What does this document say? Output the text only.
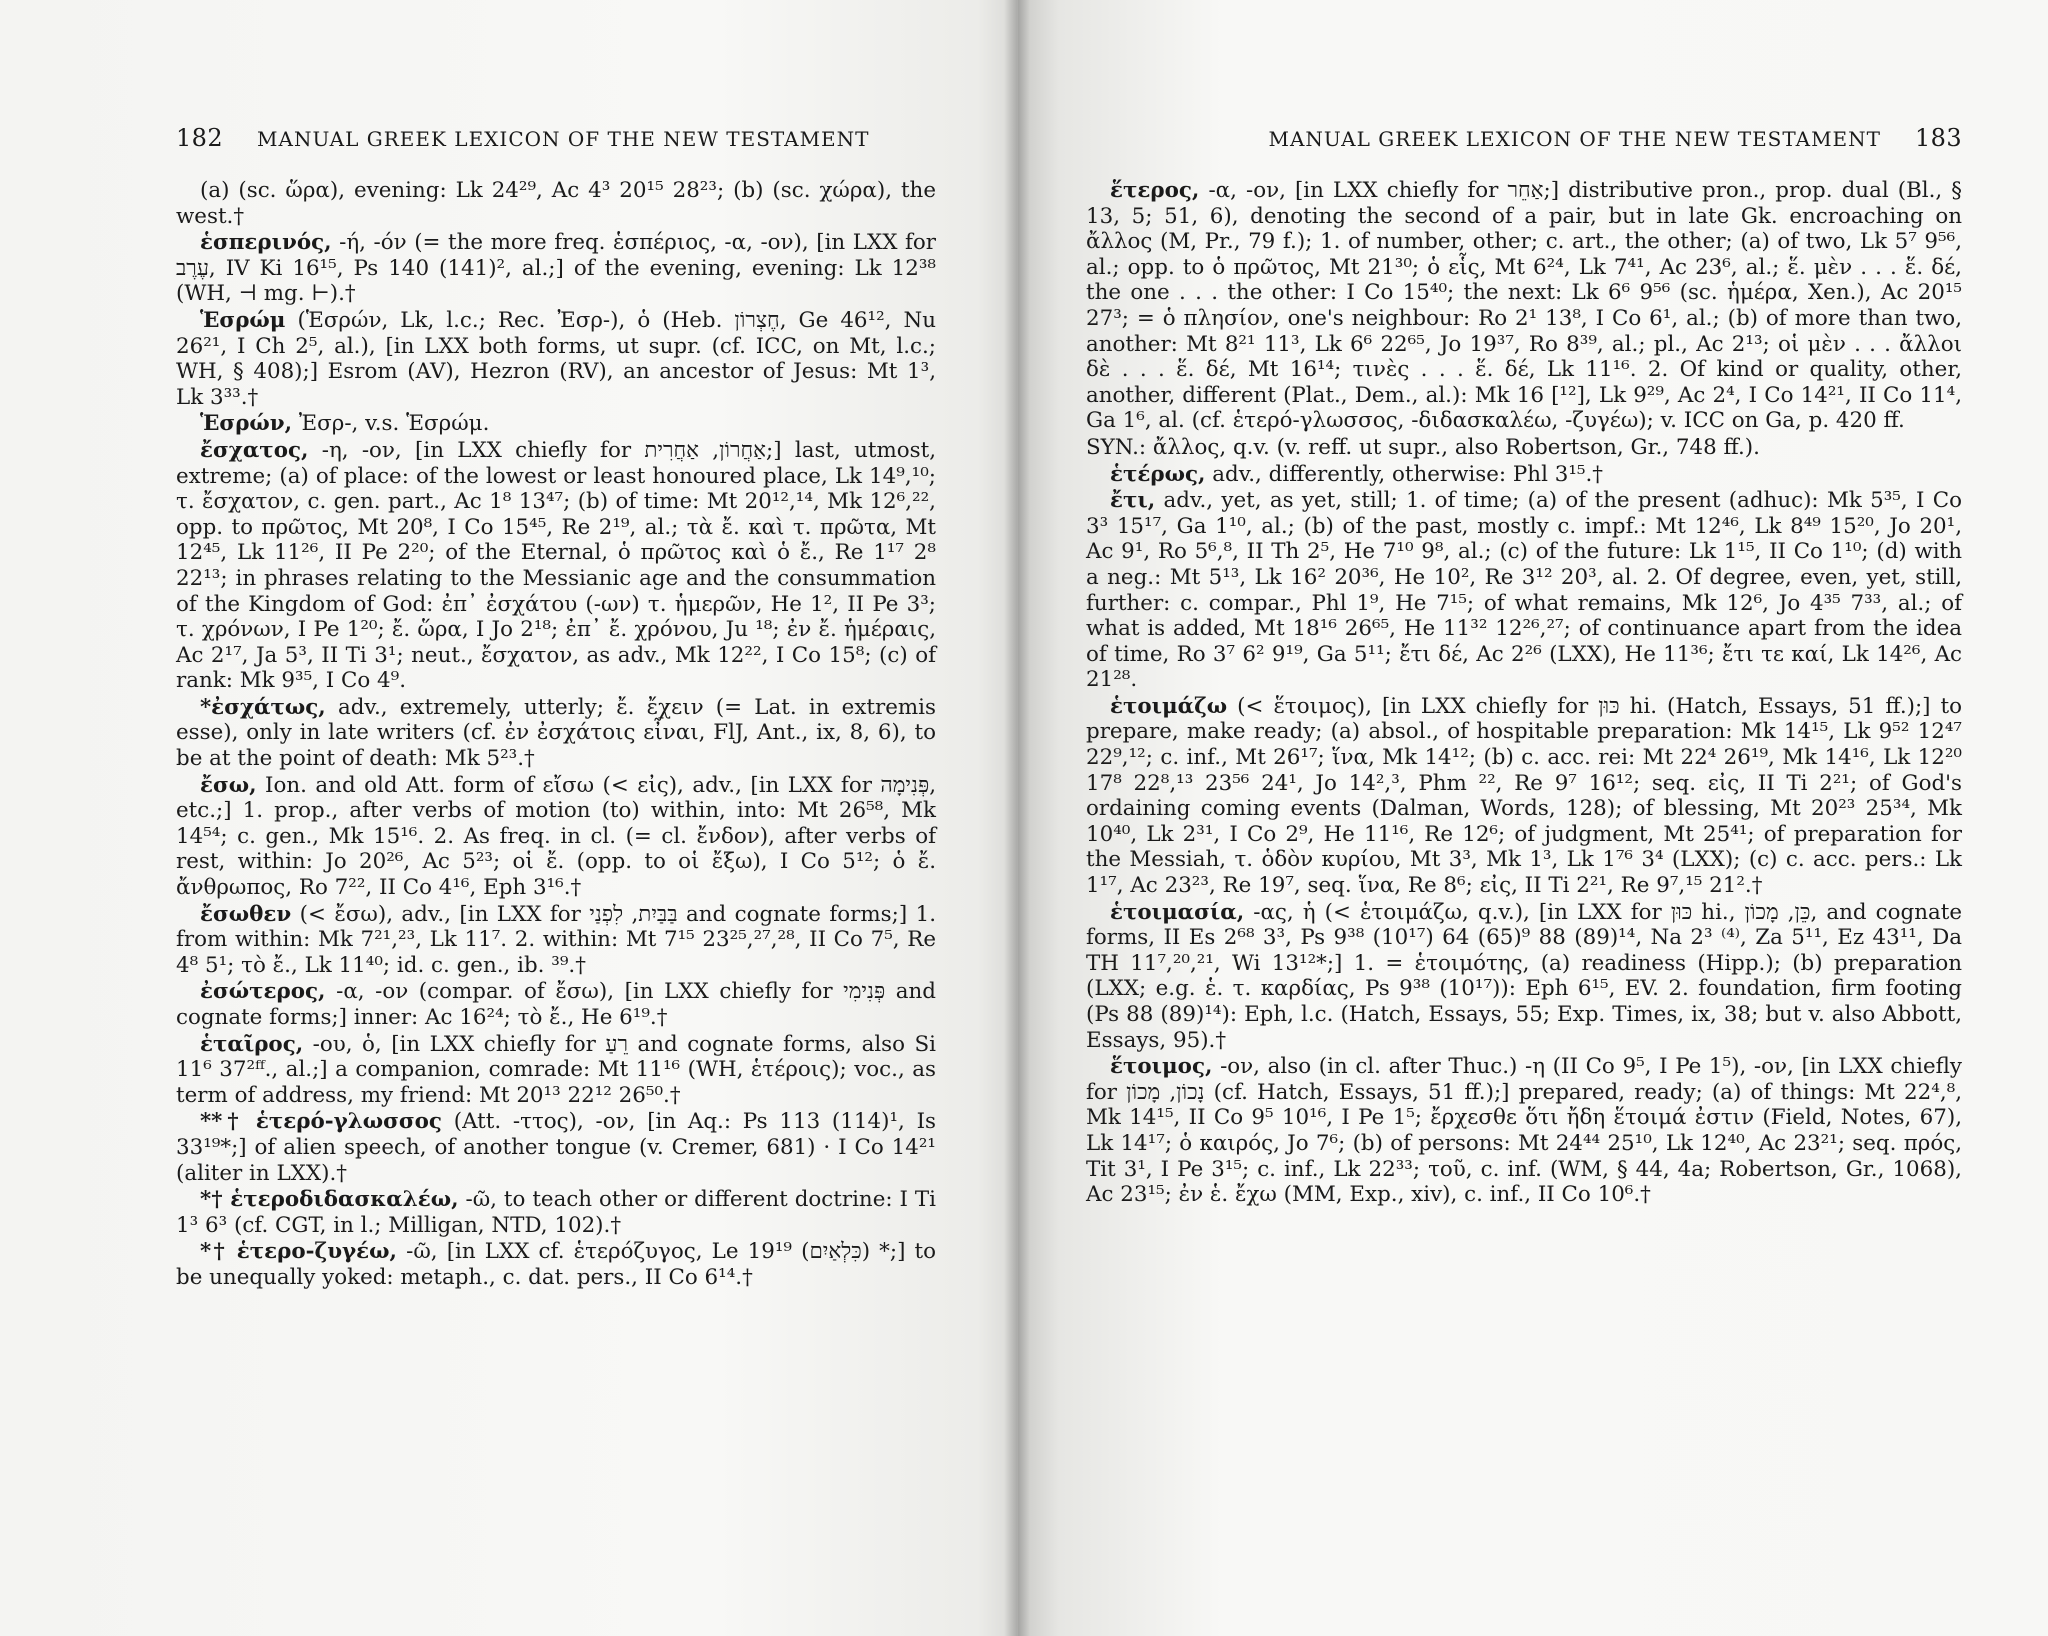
182 MANUAL GREEK LEXICON OF THE NEW TESTAMENT

(a) (sc. ὥρα), evening: Lk 24²⁹, Ac 4³ 20¹⁵ 28²³; (b) (sc. χώρα), the west.†

ἑσπερινός, -ή, -όν (= the more freq. ἑσπέριος, -α, -ον), [in LXX for עֶרֶב, IV Ki 16¹⁵, Ps 140 (141)², al.;] of the evening, evening: Lk 12³⁸ (WH, ⊣ mg. ⊢).†

Ἑσρώμ (Ἑσρών, Lk, l.c.; Rec. Ἐσρ-), ὁ (Heb. חֶצְרוֹן, Ge 46¹², Nu 26²¹, I Ch 2⁵, al.), [in LXX both forms, ut supr. (cf. ICC, on Mt, l.c.; WH, § 408);] Esrom (AV), Hezron (RV), an ancestor of Jesus: Mt 1³, Lk 3³³.†

Ἑσρών, Ἐσρ-, v.s. Ἑσρώμ.

ἔσχατος, -η, -ον, [in LXX chiefly for אַחֲרוֹן, אַחֲרִית;] last, utmost, extreme; (a) of place: of the lowest or least honoured place, Lk 14⁹,¹⁰; τ. ἔσχατον, c. gen. part., Ac 1⁸ 13⁴⁷; (b) of time: Mt 20¹²,¹⁴, Mk 12⁶,²², opp. to πρῶτος, Mt 20⁸, I Co 15⁴⁵, Re 2¹⁹, al.; τὰ ἔ. καὶ τ. πρῶτα, Mt 12⁴⁵, Lk 11²⁶, II Pe 2²⁰; of the Eternal, ὁ πρῶτος καὶ ὁ ἔ., Re 1¹⁷ 2⁸ 22¹³; in phrases relating to the Messianic age and the consummation of the Kingdom of God: ἐπ᾽ ἐσχάτου (-ων) τ. ἡμερῶν, He 1², II Pe 3³; τ. χρόνων, I Pe 1²⁰; ἔ. ὥρα, I Jo 2¹⁸; ἐπ᾽ ἔ. χρόνου, Ju ¹⁸; ἐν ἔ. ἡμέραις, Ac 2¹⁷, Ja 5³, II Ti 3¹; neut., ἔσχατον, as adv., Mk 12²², I Co 15⁸; (c) of rank: Mk 9³⁵, I Co 4⁹.

*ἐσχάτως, adv., extremely, utterly; ἔ. ἔχειν (= Lat. in extremis esse), only in late writers (cf. ἐν ἐσχάτοις εἶναι, FlJ, Ant., ix, 8, 6), to be at the point of death: Mk 5²³.†

ἔσω, Ion. and old Att. form of εἴσω (< εἰς), adv., [in LXX for פְּנִימָה, etc.;] 1. prop., after verbs of motion (to) within, into: Mt 26⁵⁸, Mk 14⁵⁴; c. gen., Mk 15¹⁶. 2. As freq. in cl. (= cl. ἔνδον), after verbs of rest, within: Jo 20²⁶, Ac 5²³; οἱ ἔ. (opp. to οἱ ἔξω), I Co 5¹²; ὁ ἔ. ἄνθρωπος, Ro 7²², II Co 4¹⁶, Eph 3¹⁶.†

ἔσωθεν (< ἔσω), adv., [in LXX for בַּבַּיִת, לִפְנַי and cognate forms;] 1. from within: Mk 7²¹,²³, Lk 11⁷. 2. within: Mt 7¹⁵ 23²⁵,²⁷,²⁸, II Co 7⁵, Re 4⁸ 5¹; τὸ ἔ., Lk 11⁴⁰; id. c. gen., ib. ³⁹.†

ἐσώτερος, -α, -ον (compar. of ἔσω), [in LXX chiefly for פְּנִימִי and cognate forms;] inner: Ac 16²⁴; τὸ ἔ., He 6¹⁹.†

ἑταῖρος, -ου, ὁ, [in LXX chiefly for רֵעַ and cognate forms, also Si 11⁶ 37²ᶠᶠ., al.;] a companion, comrade: Mt 11¹⁶ (WH, ἑτέροις); voc., as term of address, my friend: Mt 20¹³ 22¹² 26⁵⁰.†

**† ἑτερό-γλωσσος (Att. -ττος), -ον, [in Aq.: Ps 113 (114)¹, Is 33¹⁹*;] of alien speech, of another tongue (v. Cremer, 681) · I Co 14²¹ (aliter in LXX).†

*† ἑτεροδιδασκαλέω, -ῶ, to teach other or different doctrine: I Ti 1³ 6³ (cf. CGT, in l.; Milligan, NTD, 102).†

*† ἑτερο-ζυγέω, -ῶ, [in LXX cf. ἑτερόζυγος, Le 19¹⁹ (כִּלְאַיִם) *;] to be unequally yoked: metaph., c. dat. pers., II Co 6¹⁴.†

MANUAL GREEK LEXICON OF THE NEW TESTAMENT 183

ἕτερος, -α, -ον, [in LXX chiefly for אַחֵר;] distributive pron., prop. dual (Bl., § 13, 5; 51, 6), denoting the second of a pair, but in late Gk. encroaching on ἄλλος (M, Pr., 79 f.); 1. of number, other; c. art., the other; (a) of two, Lk 5⁷ 9⁵⁶, al.; opp. to ὁ πρῶτος, Mt 21³⁰; ὁ εἷς, Mt 6²⁴, Lk 7⁴¹, Ac 23⁶, al.; ἕ. μὲν . . . ἕ. δέ, the one . . . the other: I Co 15⁴⁰; the next: Lk 6⁶ 9⁵⁶ (sc. ἡμέρα, Xen.), Ac 20¹⁵ 27³; = ὁ πλησίον, one's neighbour: Ro 2¹ 13⁸, I Co 6¹, al.; (b) of more than two, another: Mt 8²¹ 11³, Lk 6⁶ 22⁶⁵, Jo 19³⁷, Ro 8³⁹, al.; pl., Ac 2¹³; οἱ μὲν . . . ἄλλοι δὲ . . . ἕ. δέ, Mt 16¹⁴; τινὲς . . . ἕ. δέ, Lk 11¹⁶. 2. Of kind or quality, other, another, different (Plat., Dem., al.): Mk 16 [¹²], Lk 9²⁹, Ac 2⁴, I Co 14²¹, II Co 11⁴, Ga 1⁶, al. (cf. ἑτερό-γλωσσος, -διδασκαλέω, -ζυγέω); v. ICC on Ga, p. 420 ff.

SYN.: ἄλλος, q.v. (v. reff. ut supr., also Robertson, Gr., 748 ff.).

ἑτέρως, adv., differently, otherwise: Phl 3¹⁵.†

ἔτι, adv., yet, as yet, still; 1. of time; (a) of the present (adhuc): Mk 5³⁵, I Co 3³ 15¹⁷, Ga 1¹⁰, al.; (b) of the past, mostly c. impf.: Mt 12⁴⁶, Lk 8⁴⁹ 15²⁰, Jo 20¹, Ac 9¹, Ro 5⁶,⁸, II Th 2⁵, He 7¹⁰ 9⁸, al.; (c) of the future: Lk 1¹⁵, II Co 1¹⁰; (d) with a neg.: Mt 5¹³, Lk 16² 20³⁶, He 10², Re 3¹² 20³, al. 2. Of degree, even, yet, still, further: c. compar., Phl 1⁹, He 7¹⁵; of what remains, Mk 12⁶, Jo 4³⁵ 7³³, al.; of what is added, Mt 18¹⁶ 26⁶⁵, He 11³² 12²⁶,²⁷; of continuance apart from the idea of time, Ro 3⁷ 6² 9¹⁹, Ga 5¹¹; ἔτι δέ, Ac 2²⁶ (LXX), He 11³⁶; ἔτι τε καί, Lk 14²⁶, Ac 21²⁸.

ἑτοιμάζω (< ἕτοιμος), [in LXX chiefly for כּוּן hi. (Hatch, Essays, 51 ff.);] to prepare, make ready; (a) absol., of hospitable preparation: Mk 14¹⁵, Lk 9⁵² 12⁴⁷ 22⁹,¹²; c. inf., Mt 26¹⁷; ἵνα, Mk 14¹²; (b) c. acc. rei: Mt 22⁴ 26¹⁹, Mk 14¹⁶, Lk 12²⁰ 17⁸ 22⁸,¹³ 23⁵⁶ 24¹, Jo 14²,³, Phm ²², Re 9⁷ 16¹²; seq. εἰς, II Ti 2²¹; of God's ordaining coming events (Dalman, Words, 128); of blessing, Mt 20²³ 25³⁴, Mk 10⁴⁰, Lk 2³¹, I Co 2⁹, He 11¹⁶, Re 12⁶; of judgment, Mt 25⁴¹; of preparation for the Messiah, τ. ὁδὸν κυρίου, Mt 3³, Mk 1³, Lk 1⁷⁶ 3⁴ (LXX); (c) c. acc. pers.: Lk 1¹⁷, Ac 23²³, Re 19⁷, seq. ἵνα, Re 8⁶; εἰς, II Ti 2²¹, Re 9⁷,¹⁵ 21².†

ἑτοιμασία, -ας, ἡ (< ἑτοιμάζω, q.v.), [in LXX for כּוּן hi., כֵּן, מָכוֹן, and cognate forms, II Es 2⁶⁸ 3³, Ps 9³⁸ (10¹⁷) 64 (65)⁹ 88 (89)¹⁴, Na 2³ ⁽⁴⁾, Za 5¹¹, Ez 43¹¹, Da TH 11⁷,²⁰,²¹, Wi 13¹²*;] 1. = ἑτοιμότης, (a) readiness (Hipp.); (b) preparation (LXX; e.g. ἑ. τ. καρδίας, Ps 9³⁸ (10¹⁷)): Eph 6¹⁵, EV. 2. foundation, firm footing (Ps 88 (89)¹⁴): Eph, l.c. (Hatch, Essays, 55; Exp. Times, ix, 38; but v. also Abbott, Essays, 95).†

ἕτοιμος, -ον, also (in cl. after Thuc.) -η (II Co 9⁵, I Pe 1⁵), -ον, [in LXX chiefly for נָכוֹן, מָכוֹן (cf. Hatch, Essays, 51 ff.);] prepared, ready; (a) of things: Mt 22⁴,⁸, Mk 14¹⁵, II Co 9⁵ 10¹⁶, I Pe 1⁵; ἔρχεσθε ὅτι ἤδη ἕτοιμά ἐστιν (Field, Notes, 67), Lk 14¹⁷; ὁ καιρός, Jo 7⁶; (b) of persons: Mt 24⁴⁴ 25¹⁰, Lk 12⁴⁰, Ac 23²¹; seq. πρός, Tit 3¹, I Pe 3¹⁵; c. inf., Lk 22³³; τοῦ, c. inf. (WM, § 44, 4a; Robertson, Gr., 1068), Ac 23¹⁵; ἐν ἑ. ἔχω (MM, Exp., xiv), c. inf., II Co 10⁶.†
